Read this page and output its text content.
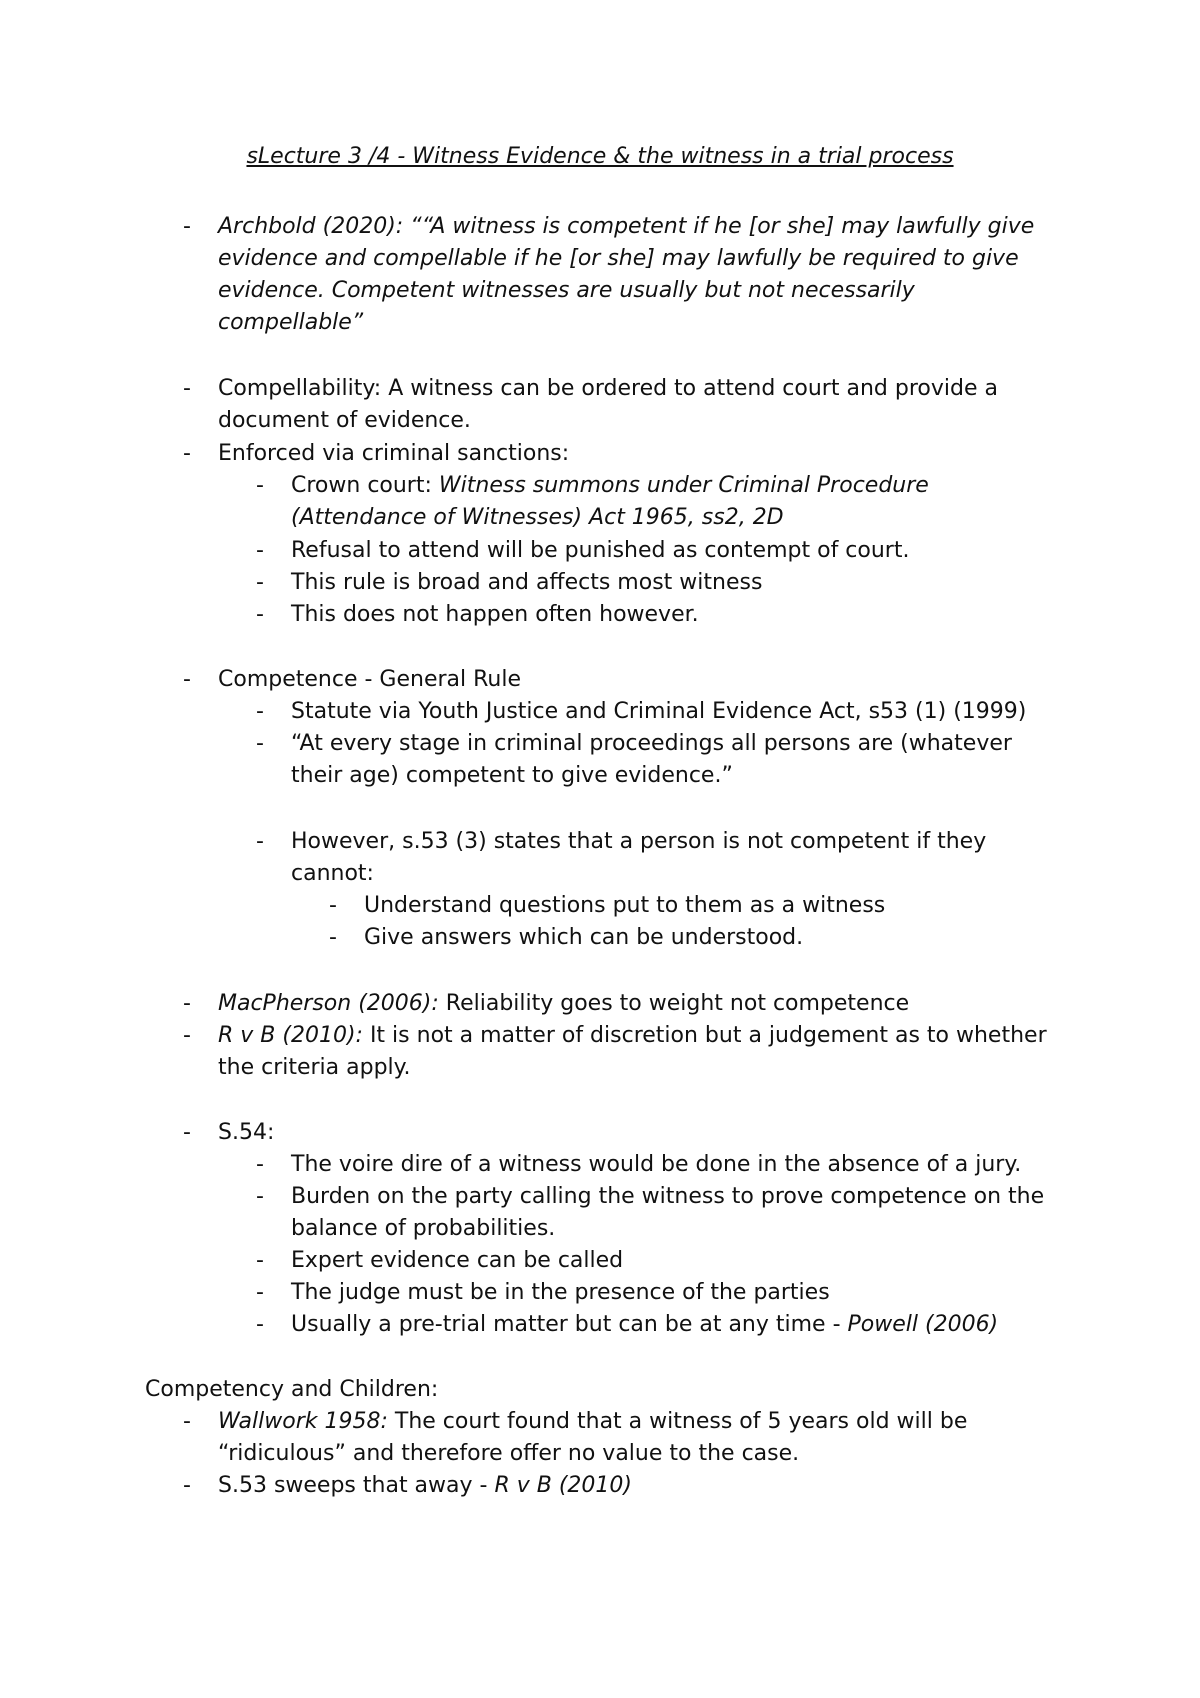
sLecture 3 /4 - Witness Evidence & the witness in a trial process
-	Archbold (2020): ““A witness is competent if he [or she] may lawfully give
evidence and compellable if he [or she] may lawfully be required to give
evidence. Competent witnesses are usually but not necessarily
compellable”
-	Compellability: A witness can be ordered to attend court and provide a
document of evidence.
-	Enforced via criminal sanctions:
-	Crown court: Witness summons under Criminal Procedure
(Attendance of Witnesses) Act 1965, ss2, 2D
-	Refusal to attend will be punished as contempt of court.
-	This rule is broad and affects most witness
-	This does not happen often however.
-	Competence - General Rule
-	Statute via Youth Justice and Criminal Evidence Act, s53 (1) (1999)
-	“At every stage in criminal proceedings all persons are (whatever
their age) competent to give evidence.”
-	However, s.53 (3) states that a person is not competent if they
cannot:
-	Understand questions put to them as a witness
-	Give answers which can be understood.
-	MacPherson (2006): Reliability goes to weight not competence
-	R v B (2010): It is not a matter of discretion but a judgement as to whether
the criteria apply.
-	S.54:
-	The voire dire of a witness would be done in the absence of a jury.
-	Burden on the party calling the witness to prove competence on the
balance of probabilities.
-	Expert evidence can be called
-	The judge must be in the presence of the parties
-	Usually a pre-trial matter but can be at any time - Powell (2006)
Competency and Children:
-	Wallwork 1958: The court found that a witness of 5 years old will be
“ridiculous” and therefore offer no value to the case.
-	S.53 sweeps that away - R v B (2010)
